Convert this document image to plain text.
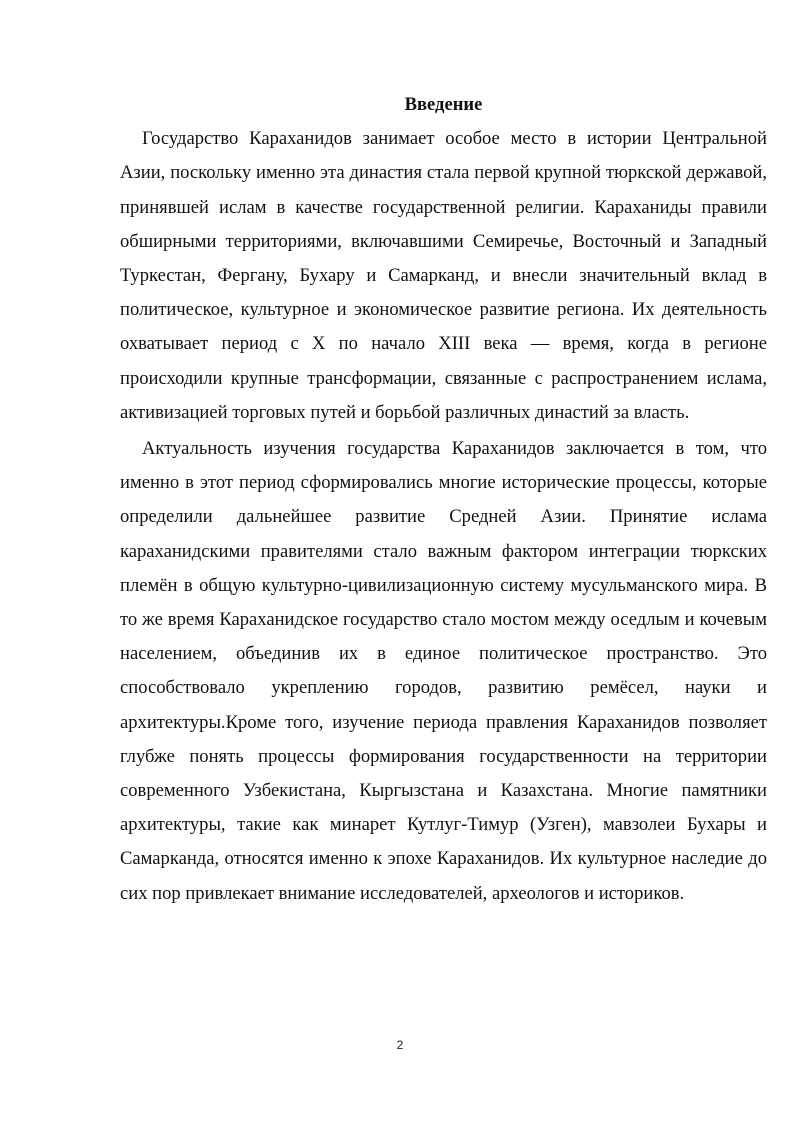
Введение

Государство Караханидов занимает особое место в истории Центральной Азии, поскольку именно эта династия стала первой крупной тюркской державой, принявшей ислам в качестве государственной религии. Караханиды правили обширными территориями, включавшими Семиречье, Восточный и Западный Туркестан, Фергану, Бухару и Самарканд, и внесли значительный вклад в политическое, культурное и экономическое развитие региона. Их деятельность охватывает период с X по начало XIII века — время, когда в регионе происходили крупные трансформации, связанные с распространением ислама, активизацией торговых путей и борьбой различных династий за власть.

Актуальность изучения государства Караханидов заключается в том, что именно в этот период сформировались многие исторические процессы, которые определили дальнейшее развитие Средней Азии. Принятие ислама караханидскими правителями стало важным фактором интеграции тюркских племён в общую культурно-цивилизационную систему мусульманского мира. В то же время Караханидское государство стало мостом между оседлым и кочевым населением, объединив их в единое политическое пространство. Это способствовало укреплению городов, развитию ремёсел, науки и архитектуры.Кроме того, изучение периода правления Караханидов позволяет глубже понять процессы формирования государственности на территории современного Узбекистана, Кыргызстана и Казахстана. Многие памятники архитектуры, такие как минарет Кутлуг-Тимур (Узген), мавзолеи Бухары и Самарканда, относятся именно к эпохе Караханидов. Их культурное наследие до сих пор привлекает внимание исследователей, археологов и историков.

2
